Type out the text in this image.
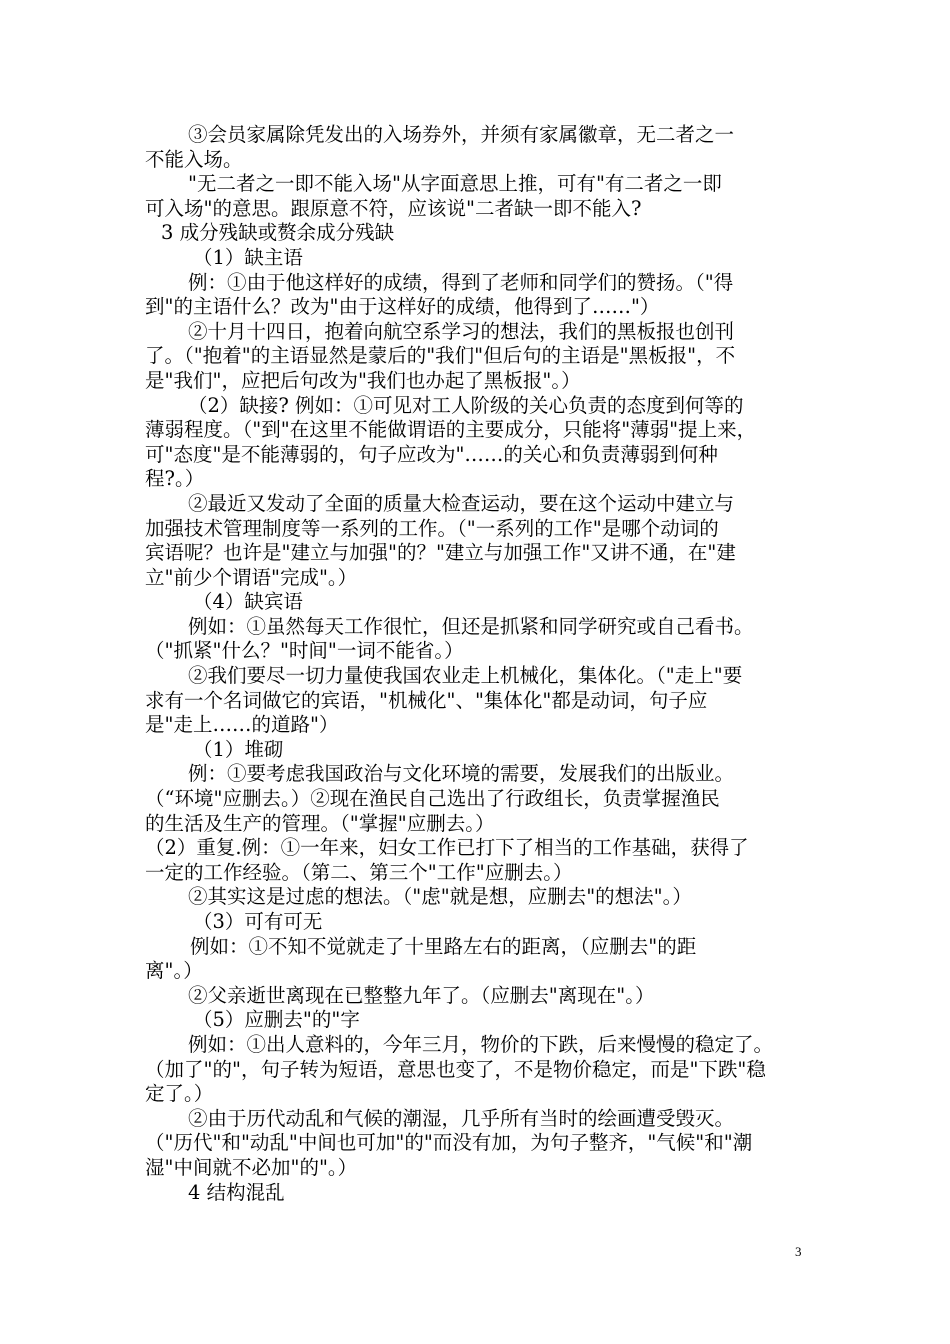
③会员家属除凭发出的入场券外，并须有家属徽章，无二者之一
不能入场。
"无二者之一即不能入场"从字面意思上推，可有"有二者之一即
可入场"的意思。跟原意不符，应该说"二者缺一即不能入?
3 成分残缺或赘余成分残缺
（1）缺主语
例：①由于他这样好的成绩，得到了老师和同学们的赞扬。（"得
到"的主语什么？改为"由于这样好的成绩，他得到了……"）
②十月十四日，抱着向航空系学习的想法，我们的黑板报也创刊
了。（"抱着"的主语显然是蒙后的"我们"但后句的主语是"黑板报"，不
是"我们"，应把后句改为"我们也办起了黑板报"。）
（2）缺接? 例如：①可见对工人阶级的关心负责的态度到何等的
薄弱程度。（"到"在这里不能做谓语的主要成分，只能将"薄弱"提上来，
可"态度"是不能薄弱的，句子应改为"……的关心和负责薄弱到何种
程?。）
②最近又发动了全面的质量大检查运动，要在这个运动中建立与
加强技术管理制度等一系列的工作。（"一系列的工作"是哪个动词的
宾语呢？也许是"建立与加强"的？"建立与加强工作"又讲不通，在"建
立"前少个谓语"完成"。）
（4）缺宾语
例如：①虽然每天工作很忙，但还是抓紧和同学研究或自己看书。
（"抓紧"什么？"时间"一词不能省。）
②我们要尽一切力量使我国农业走上机械化，集体化。（"走上"要
求有一个名词做它的宾语，"机械化"、"集体化"都是动词，句子应
是"走上……的道路"）
（1）堆砌
例：①要考虑我国政治与文化环境的需要，发展我们的出版业。
（“环境"应删去。）②现在渔民自己选出了行政组长，负责掌握渔民
的生活及生产的管理。（"掌握"应删去。）
（2）重复.例：①一年来，妇女工作已打下了相当的工作基础，获得了
一定的工作经验。（第二、第三个"工作"应删去。）
②其实这是过虑的想法。（"虑"就是想，应删去"的想法"。）
（3）可有可无
例如：①不知不觉就走了十里路左右的距离，（应删去"的距
离"。）
②父亲逝世离现在已整整九年了。（应删去"离现在"。）
（5）应删去"的"字
例如：①出人意料的，今年三月，物价的下跌，后来慢慢的稳定了。
（加了"的"，句子转为短语，意思也变了，不是物价稳定，而是"下跌"稳
定了。）
②由于历代动乱和气候的潮湿，几乎所有当时的绘画遭受毁灭。
（"历代"和"动乱"中间也可加"的"而没有加，为句子整齐，"气候"和"潮
湿"中间就不必加"的"。）
4 结构混乱
3
